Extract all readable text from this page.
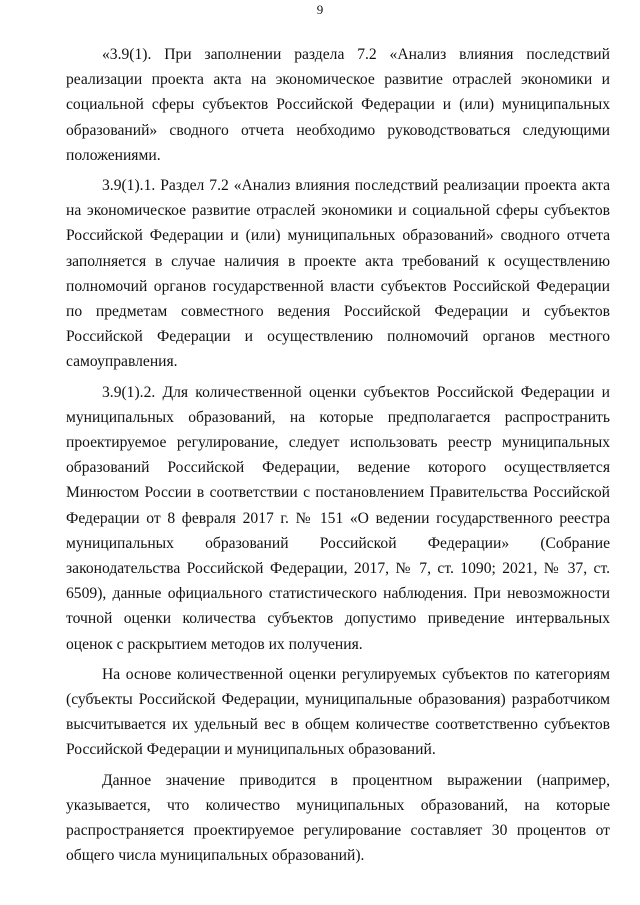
9

«3.9(1). При заполнении раздела 7.2 «Анализ влияния последствий реализации проекта акта на экономическое развитие отраслей экономики и социальной сферы субъектов Российской Федерации и (или) муниципальных образований» сводного отчета необходимо руководствоваться следующими положениями.

3.9(1).1. Раздел 7.2 «Анализ влияния последствий реализации проекта акта на экономическое развитие отраслей экономики и социальной сферы субъектов Российской Федерации и (или) муниципальных образований» сводного отчета заполняется в случае наличия в проекте акта требований к осуществлению полномочий органов государственной власти субъектов Российской Федерации по предметам совместного ведения Российской Федерации и субъектов Российской Федерации и осуществлению полномочий органов местного самоуправления.

3.9(1).2. Для количественной оценки субъектов Российской Федерации и муниципальных образований, на которые предполагается распространить проектируемое регулирование, следует использовать реестр муниципальных образований Российской Федерации, ведение которого осуществляется Минюстом России в соответствии с постановлением Правительства Российской Федерации от 8 февраля 2017 г. № 151 «О ведении государственного реестра муниципальных образований Российской Федерации» (Собрание законодательства Российской Федерации, 2017, № 7, ст. 1090; 2021, № 37, ст. 6509), данные официального статистического наблюдения. При невозможности точной оценки количества субъектов допустимо приведение интервальных оценок с раскрытием методов их получения.

На основе количественной оценки регулируемых субъектов по категориям (субъекты Российской Федерации, муниципальные образования) разработчиком высчитывается их удельный вес в общем количестве соответственно субъектов Российской Федерации и муниципальных образований.

Данное значение приводится в процентном выражении (например, указывается, что количество муниципальных образований, на которые распространяется проектируемое регулирование составляет 30 процентов от общего числа муниципальных образований).
